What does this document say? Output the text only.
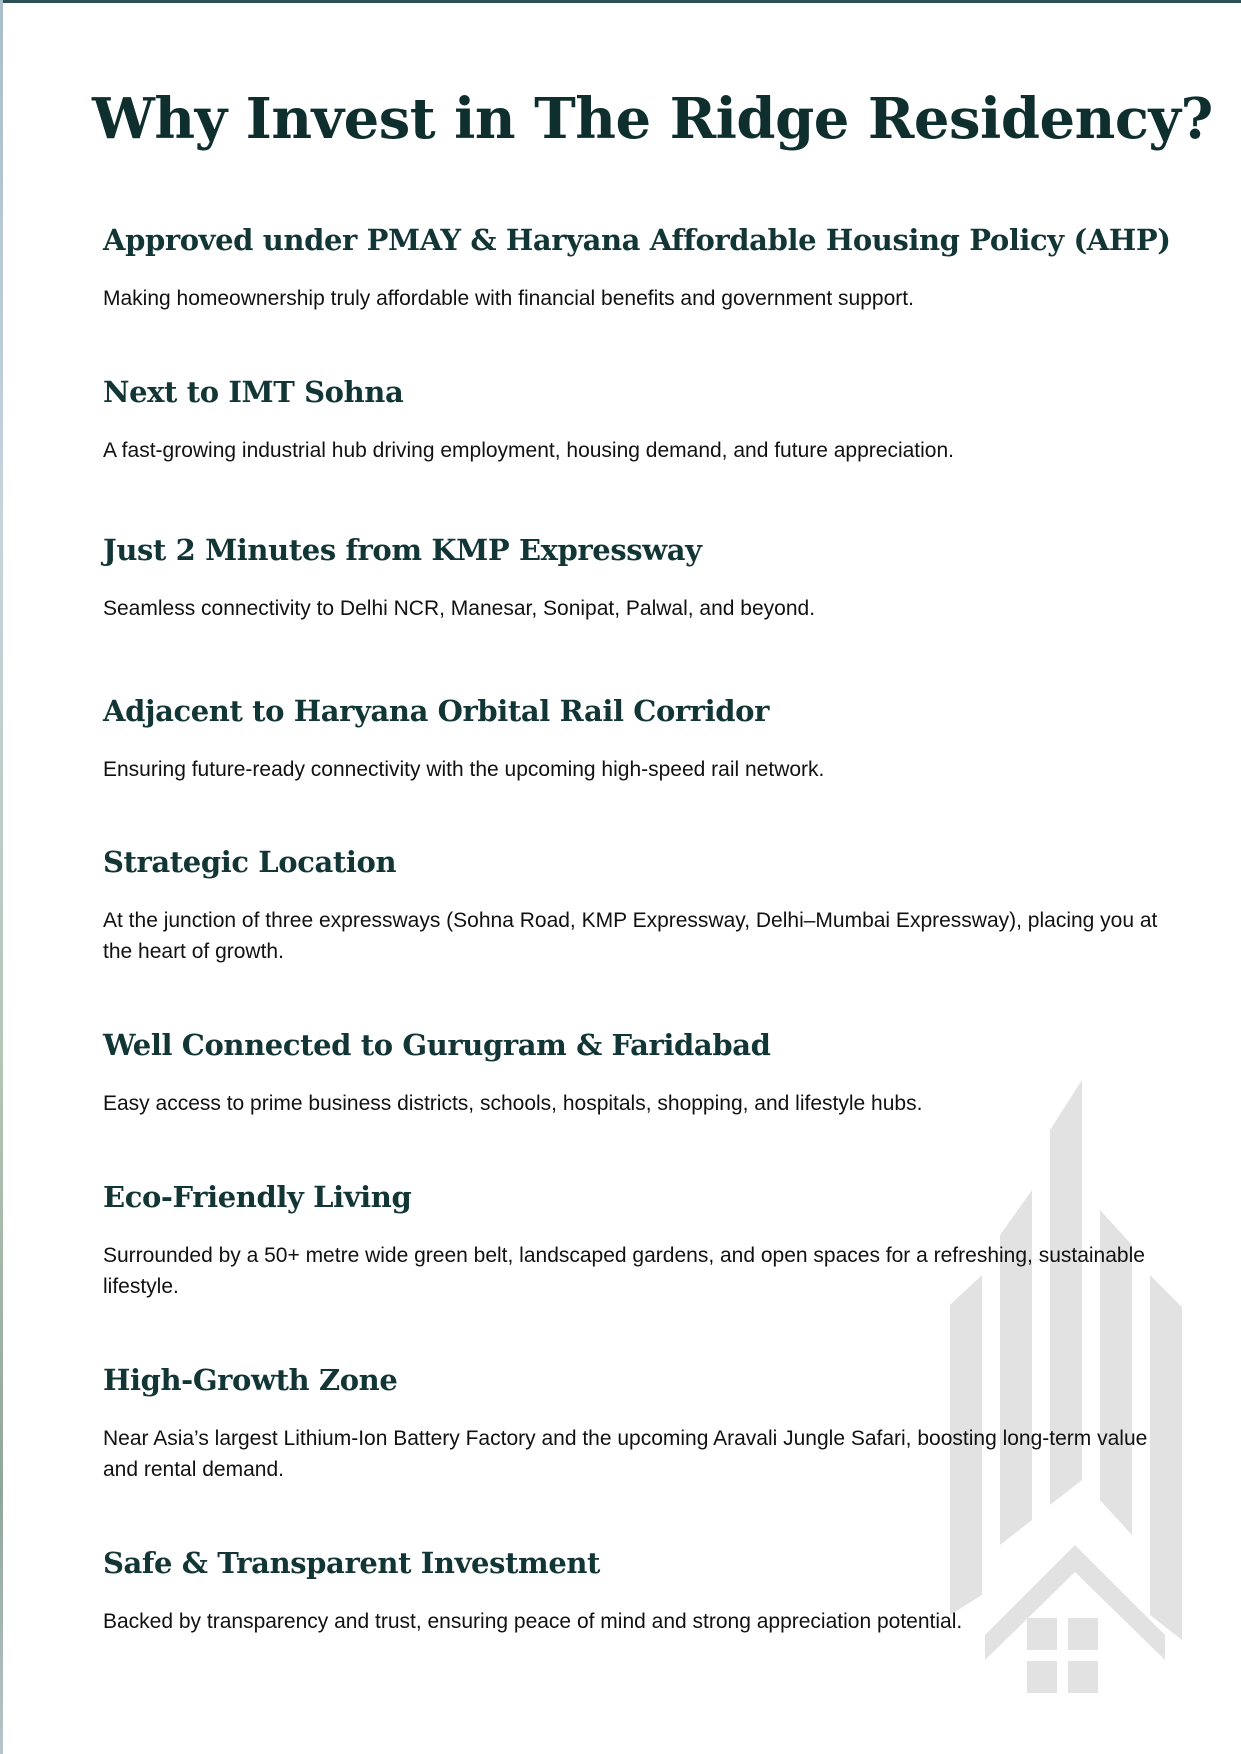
Why Invest in The Ridge Residency?
Approved under PMAY & Haryana Affordable Housing Policy (AHP)

Making homeownership truly affordable with financial benefits and government support.

Next to IMT Sohna

A fast-growing industrial hub driving employment, housing demand, and future appreciation.

Just 2 Minutes from KMP Expressway

Seamless connectivity to Delhi NCR, Manesar, Sonipat, Palwal, and beyond.

Adjacent to Haryana Orbital Rail Corridor

Ensuring future-ready connectivity with the upcoming high-speed rail network.

Strategic Location

At the junction of three expressways (Sohna Road, KMP Expressway, Delhi–Mumbai Expressway), placing you at the heart of growth.

Well Connected to Gurugram & Faridabad

Easy access to prime business districts, schools, hospitals, shopping, and lifestyle hubs.

Eco-Friendly Living

Surrounded by a 50+ metre wide green belt, landscaped gardens, and open spaces for a refreshing, sustainable lifestyle.

High-Growth Zone

Near Asia’s largest Lithium-Ion Battery Factory and the upcoming Aravali Jungle Safari, boosting long-term value and rental demand.

Safe & Transparent Investment

Backed by transparency and trust, ensuring peace of mind and strong appreciation potential.
